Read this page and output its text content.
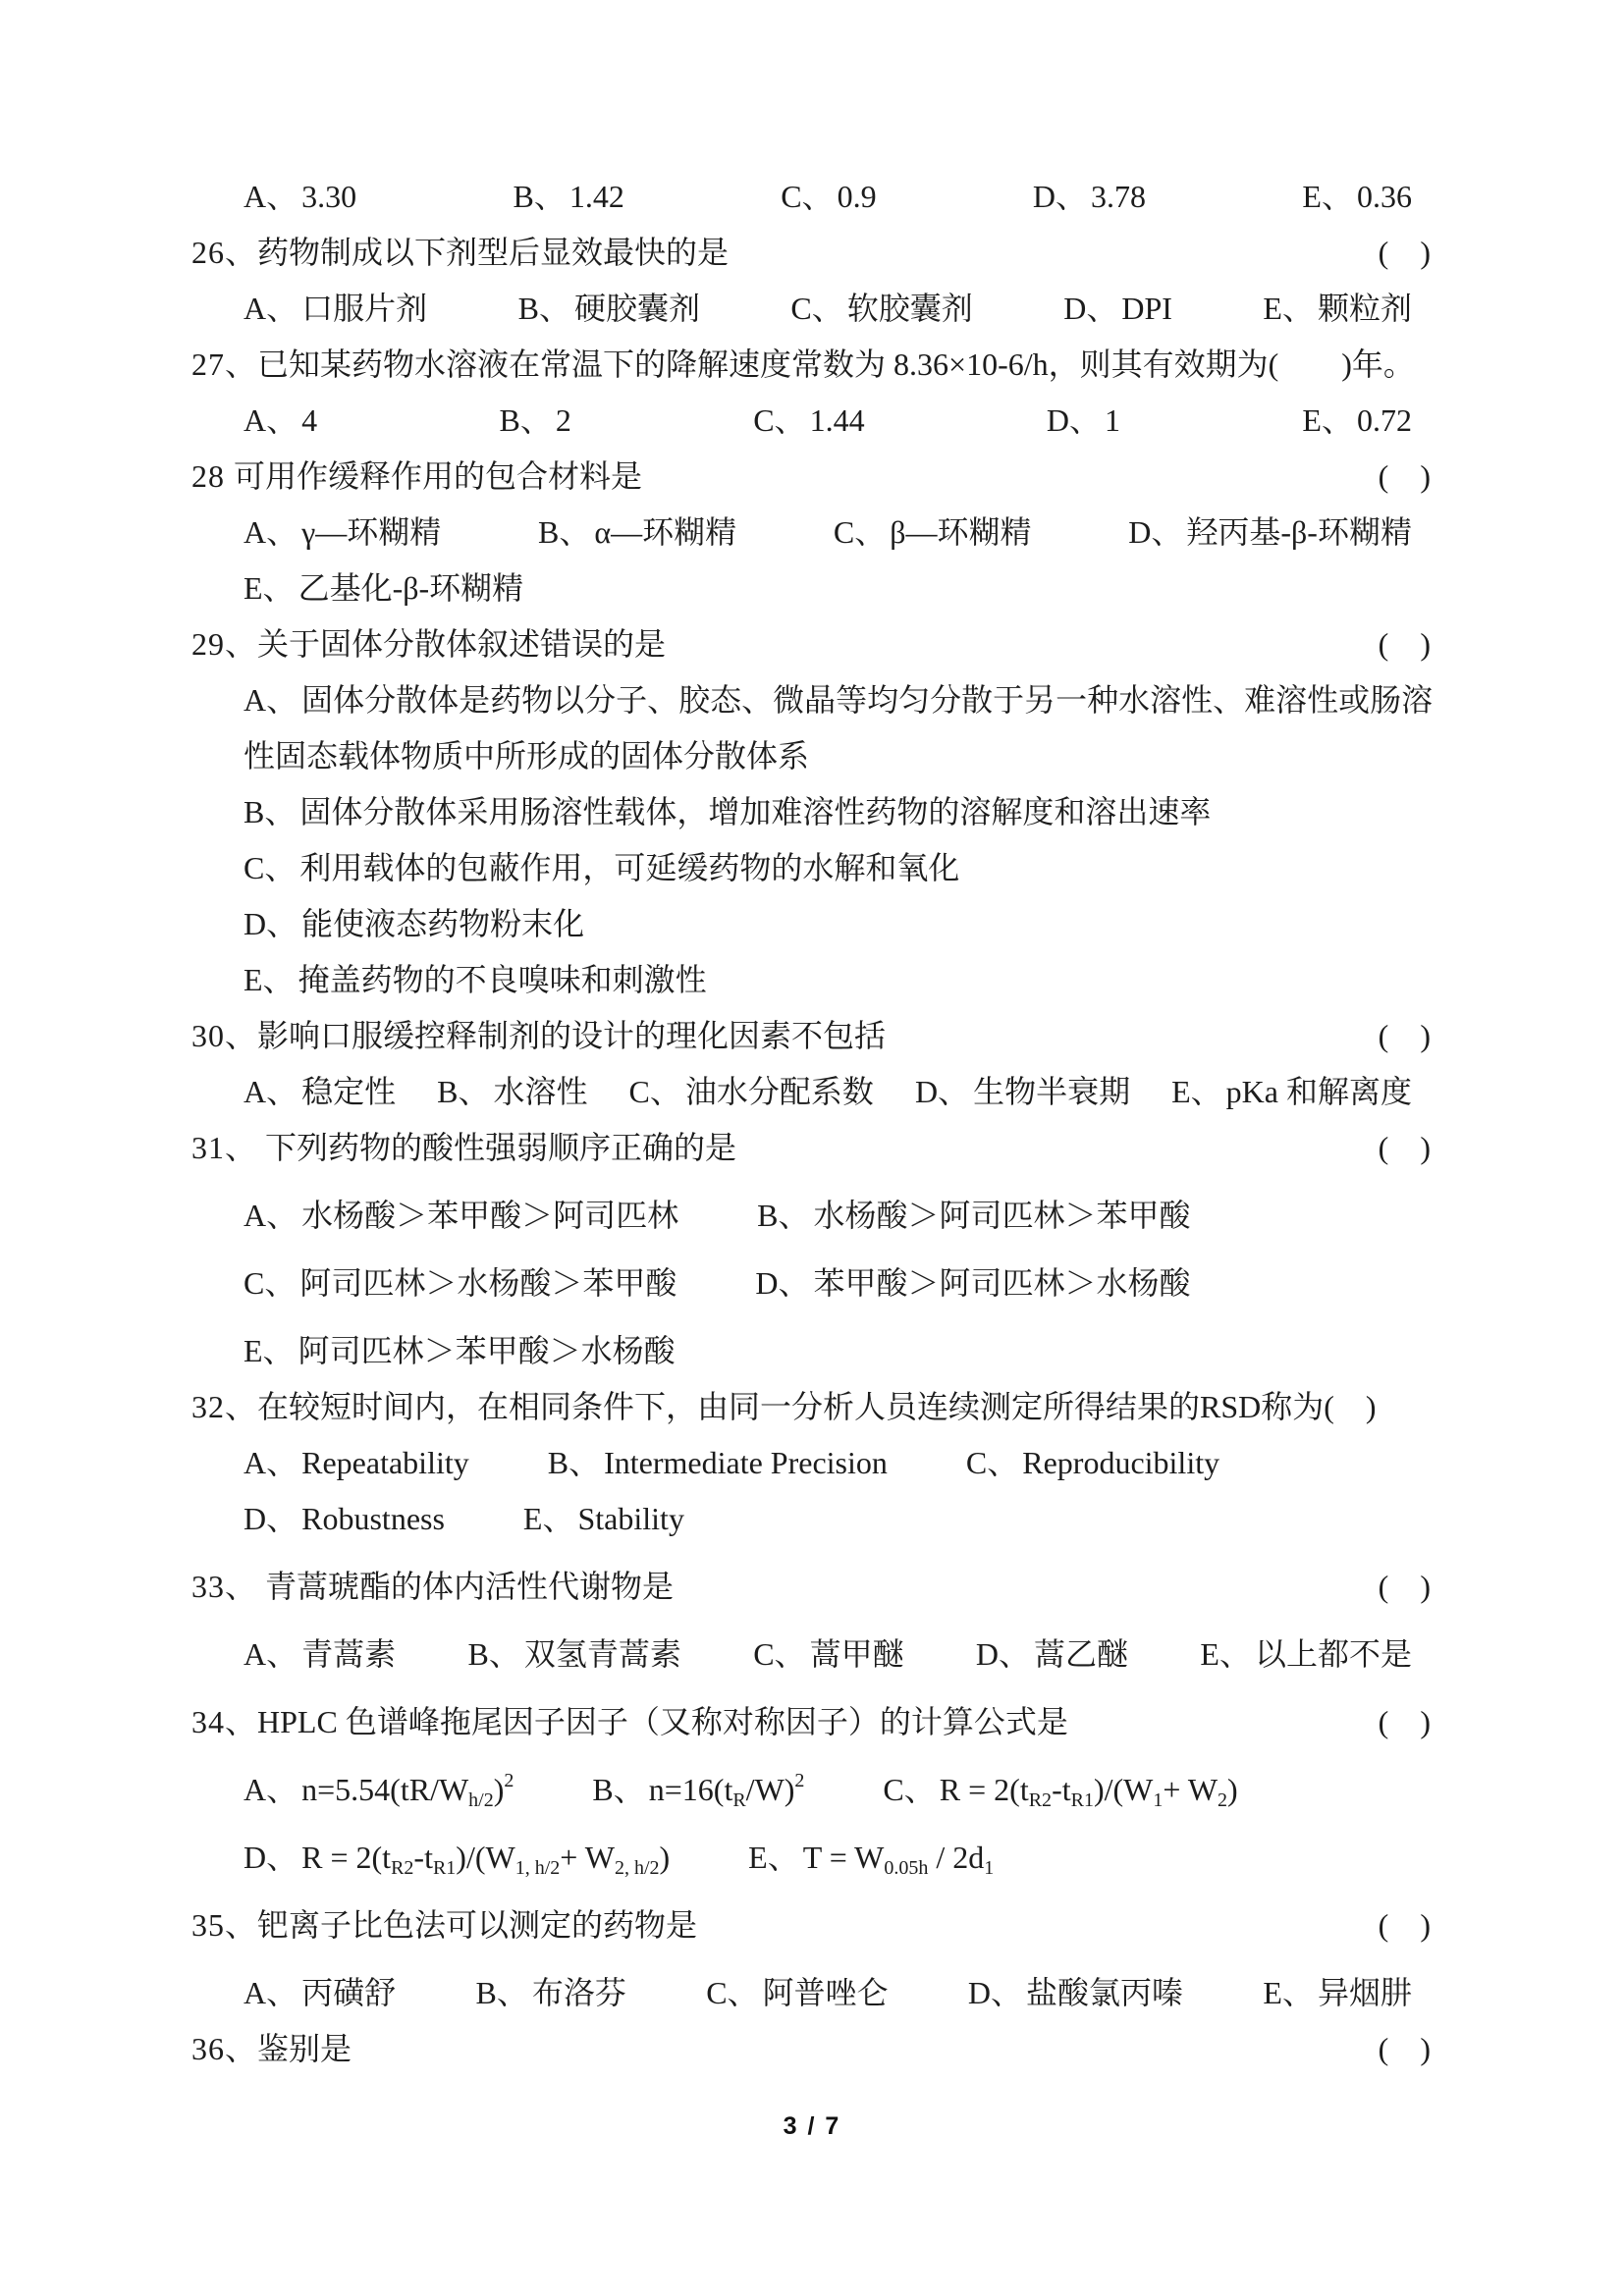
A、 3.30	B、 1.42	C、 0.9	D、 3.78	E、 0.36
26、药物制成以下剂型后显效最快的是	(　)
A、 口服片剂	B、 硬胶囊剂	C、 软胶囊剂	D、 DPI	E、 颗粒剂
27、已知某药物水溶液在常温下的降解速度常数为 8.36×10-6/h，则其有效期为(　　)年。
A、 4	B、 2	C、 1.44	D、 1	E、 0.72
28 可用作缓释作用的包合材料是	(　)
A、 γ—环糊精	B、 α—环糊精	C、 β—环糊精	D、 羟丙基-β-环糊精
E、 乙基化-β-环糊精
29、关于固体分散体叙述错误的是	(　)
A、 固体分散体是药物以分子、胶态、微晶等均匀分散于另一种水溶性、难溶性或肠溶性固态载体物质中所形成的固体分散体系
B、 固体分散体采用肠溶性载体，增加难溶性药物的溶解度和溶出速率
C、 利用载体的包蔽作用，可延缓药物的水解和氧化
D、 能使液态药物粉末化
E、 掩盖药物的不良嗅味和刺激性
30、影响口服缓控释制剂的设计的理化因素不包括	(　)
A、 稳定性 B、 水溶性 C、 油水分配系数 D、 生物半衰期 E、 pKa 和解离度
31、 下列药物的酸性强弱顺序正确的是	(　)
A、 水杨酸＞苯甲酸＞阿司匹林	B、 水杨酸＞阿司匹林＞苯甲酸
C、 阿司匹林＞水杨酸＞苯甲酸	D、 苯甲酸＞阿司匹林＞水杨酸
E、 阿司匹林＞苯甲酸＞水杨酸
32、在较短时间内，在相同条件下，由同一分析人员连续测定所得结果的RSD称为(　)
A、 Repeatability	B、 Intermediate Precision	C、 Reproducibility
D、 Robustness	E、 Stability
33、 青蒿琥酯的体内活性代谢物是	(　)
A、 青蒿素 B、 双氢青蒿素 C、 蒿甲醚 D、 蒿乙醚 E、 以上都不是
34、HPLC 色谱峰拖尾因子因子（又称对称因子）的计算公式是	(　)
A、 $n=5.54(tR/W_{h/2})^2$	B、 $n=16(t_R/W)^2$	C、 $R = 2(t_{R2}-t_{R1})/(W_1+ W_2)$
D、 $R = 2(t_{R2}-t_{R1})/(W_{1, h/2}+ W_{2, h/2})$	E、 $T = W_{0.05h} / 2d_1$
35、钯离子比色法可以测定的药物是	(　)
A、 丙磺舒	B、 布洛芬	C、 阿普唑仑	D、 盐酸氯丙嗪	E、 异烟肼
36、鉴别是	(　)
3 / 7
